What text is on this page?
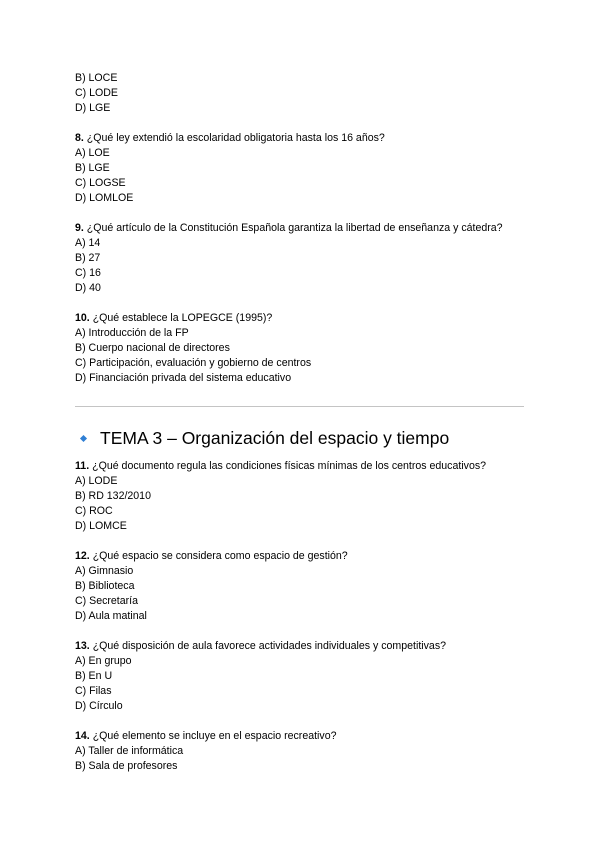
B) LOCE
C) LODE
D) LGE
8. ¿Qué ley extendió la escolaridad obligatoria hasta los 16 años?
A) LOE
B) LGE
C) LOGSE
D) LOMLOE
9. ¿Qué artículo de la Constitución Española garantiza la libertad de enseñanza y cátedra?
A) 14
B) 27
C) 16
D) 40
10. ¿Qué establece la LOPEGCE (1995)?
A) Introducción de la FP
B) Cuerpo nacional de directores
C) Participación, evaluación y gobierno de centros
D) Financiación privada del sistema educativo
TEMA 3 – Organización del espacio y tiempo
11. ¿Qué documento regula las condiciones físicas mínimas de los centros educativos?
A) LODE
B) RD 132/2010
C) ROC
D) LOMCE
12. ¿Qué espacio se considera como espacio de gestión?
A) Gimnasio
B) Biblioteca
C) Secretaría
D) Aula matinal
13. ¿Qué disposición de aula favorece actividades individuales y competitivas?
A) En grupo
B) En U
C) Filas
D) Círculo
14. ¿Qué elemento se incluye en el espacio recreativo?
A) Taller de informática
B) Sala de profesores
